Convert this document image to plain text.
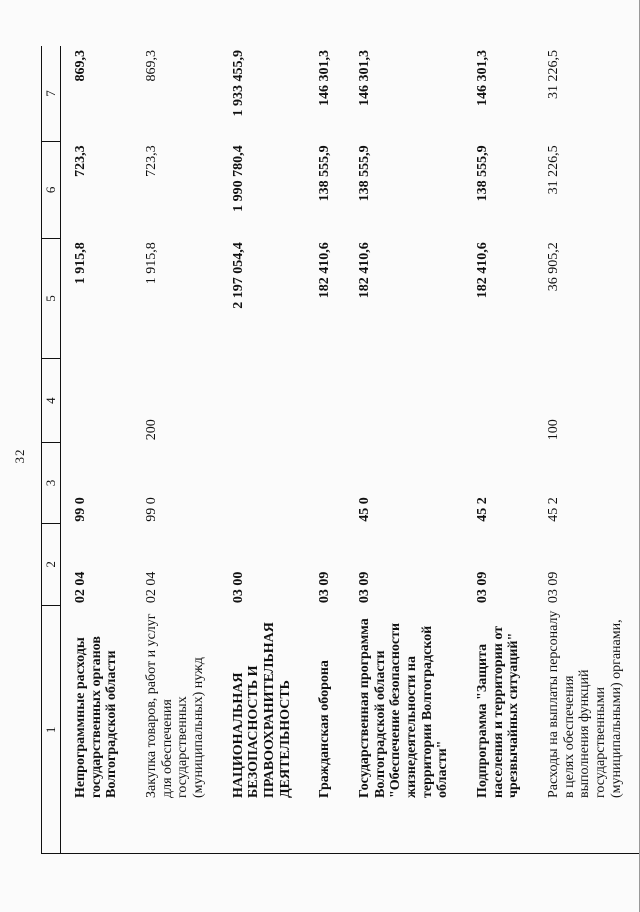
32
1	2	3	4	5	6	7
Непрограммные расходы государственных органов Волгоградской области	02 04	99 0		1 915,8	723,3	869,3
Закупка товаров, работ и услуг для обеспечения государственных (муниципальных) нужд	02 04	99 0	200	1 915,8	723,3	869,3
НАЦИОНАЛЬНАЯ БЕЗОПАСНОСТЬ И ПРАВООХРАНИТЕЛЬНАЯ ДЕЯТЕЛЬНОСТЬ	03 00			2 197 054,4	1 990 780,4	1 933 455,9
Гражданская оборона	03 09			182 410,6	138 555,9	146 301,3
Государственная программа Волгоградской области "Обеспечение безопасности жизнедеятельности на территории Волгоградской области"	03 09	45 0		182 410,6	138 555,9	146 301,3
Подпрограмма "Защита населения и территории от чрезвычайных ситуаций"	03 09	45 2		182 410,6	138 555,9	146 301,3
Расходы на выплаты персоналу в целях обеспечения выполнения функций государственными (муниципальными) органами,	03 09	45 2	100	36 905,2	31 226,5	31 226,5
